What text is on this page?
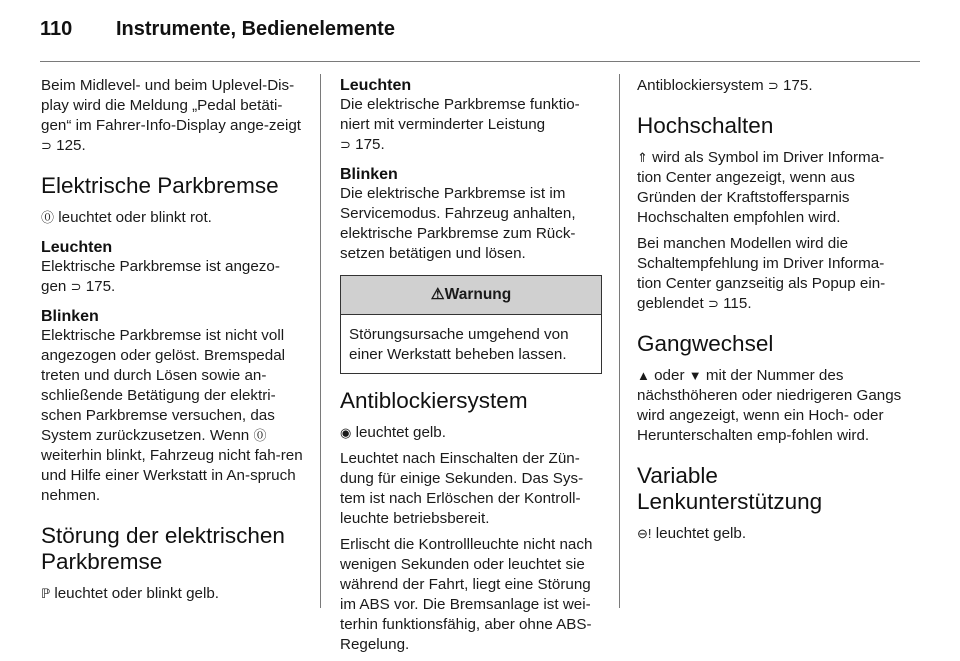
110	Instrumente, Bedienelemente

Beim Midlevel- und beim Uplevel-Dis-play wird die Meldung „Pedal betäti-gen“ im Fahrer-Info-Display ange-zeigt ⊃ 125.

Elektrische Parkbremse

⓪ leuchtet oder blinkt rot.

Leuchten

Elektrische Parkbremse ist angezo-gen ⊃ 175.

Blinken

Elektrische Parkbremse ist nicht voll angezogen oder gelöst. Bremspedal treten und durch Lösen sowie an-schließende Betätigung der elektri-schen Parkbremse versuchen, das System zurückzusetzen. Wenn ⓪ weiterhin blinkt, Fahrzeug nicht fah-ren und Hilfe einer Werkstatt in An-spruch nehmen.

Störung der elektrischen Parkbremse

ℙ leuchtet oder blinkt gelb.

Leuchten

Die elektrische Parkbremse funktio-niert mit verminderter Leistung
⊃ 175.

Blinken

Die elektrische Parkbremse ist im Servicemodus. Fahrzeug anhalten, elektrische Parkbremse zum Rück-setzen betätigen und lösen.

⚠Warnung
Störungsursache umgehend von einer Werkstatt beheben lassen.
Antiblockiersystem

◉ leuchtet gelb.

Leuchtet nach Einschalten der Zün-dung für einige Sekunden. Das Sys-tem ist nach Erlöschen der Kontroll-leuchte betriebsbereit.

Erlischt die Kontrollleuchte nicht nach wenigen Sekunden oder leuchtet sie während der Fahrt, liegt eine Störung im ABS vor. Die Bremsanlage ist wei-terhin funktionsfähig, aber ohne ABS-Regelung.

Antiblockiersystem ⊃ 175.

Hochschalten

⇑ wird als Symbol im Driver Informa-tion Center angezeigt, wenn aus Gründen der Kraftstoffersparnis Hochschalten empfohlen wird.

Bei manchen Modellen wird die Schaltempfehlung im Driver Informa-tion Center ganzseitig als Popup ein-geblendet ⊃ 115.

Gangwechsel

▲ oder ▼ mit der Nummer des nächsthöheren oder niedrigeren Gangs wird angezeigt, wenn ein Hoch- oder Herunterschalten emp-fohlen wird.

Variable Lenkunterstützung

⊖! leuchtet gelb.
